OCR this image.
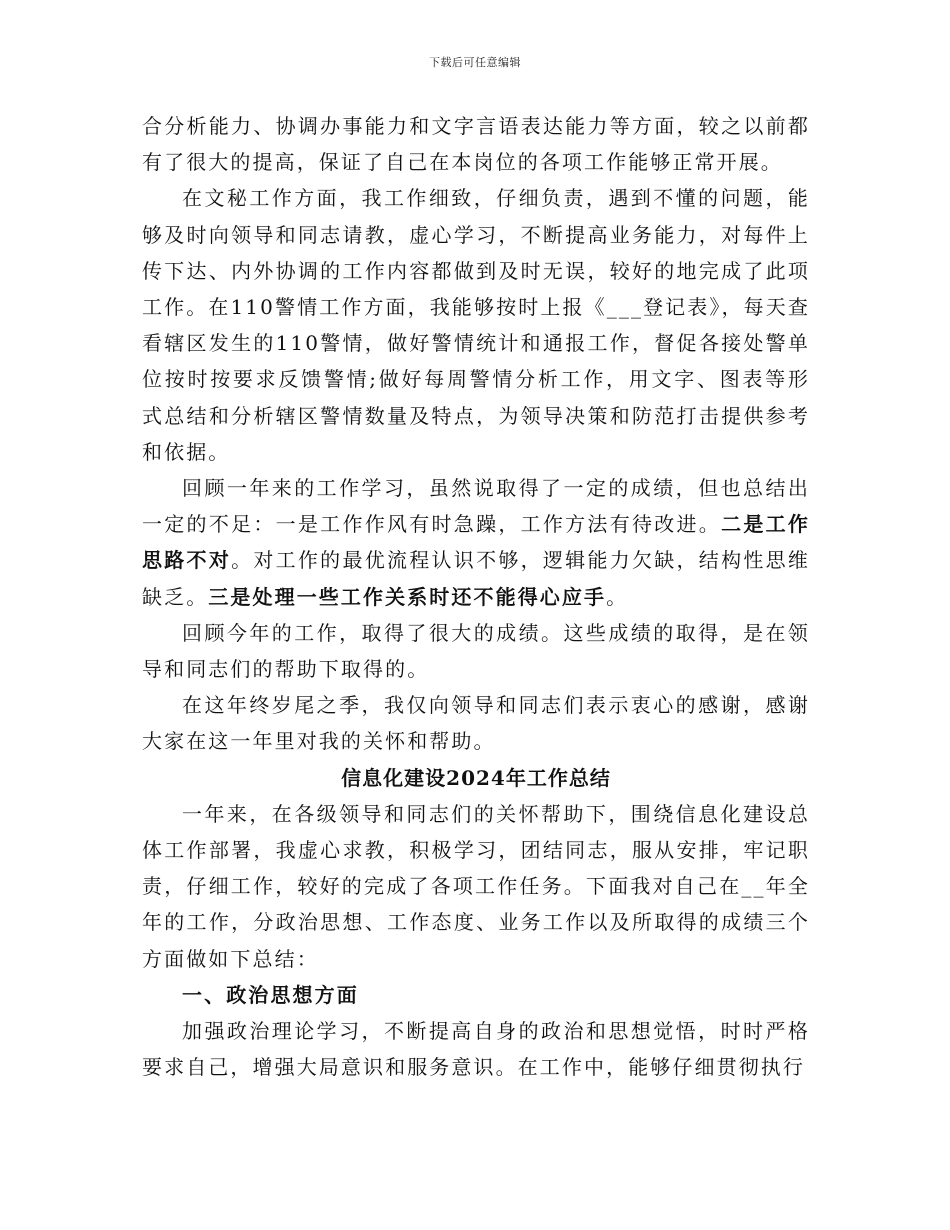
下载后可任意编辑

合分析能力、协调办事能力和文字言语表达能力等方面，较之以前都有了很大的提高，保证了自己在本岗位的各项工作能够正常开展。

在文秘工作方面，我工作细致，仔细负责，遇到不懂的问题，能够及时向领导和同志请教，虚心学习，不断提高业务能力，对每件上传下达、内外协调的工作内容都做到及时无误，较好的地完成了此项工作。在110警情工作方面，我能够按时上报《___登记表》，每天查看辖区发生的110警情，做好警情统计和通报工作，督促各接处警单位按时按要求反馈警情;做好每周警情分析工作，用文字、图表等形式总结和分析辖区警情数量及特点，为领导决策和防范打击提供参考和依据。

回顾一年来的工作学习，虽然说取得了一定的成绩，但也总结出一定的不足：一是工作作风有时急躁，工作方法有待改进。二是工作思路不对。对工作的最优流程认识不够，逻辑能力欠缺，结构性思维缺乏。三是处理一些工作关系时还不能得心应手。

回顾今年的工作，取得了很大的成绩。这些成绩的取得，是在领导和同志们的帮助下取得的。

在这年终岁尾之季，我仅向领导和同志们表示衷心的感谢，感谢大家在这一年里对我的关怀和帮助。

信息化建设2024年工作总结

一年来，在各级领导和同志们的关怀帮助下，围绕信息化建设总体工作部署，我虚心求教，积极学习，团结同志，服从安排，牢记职责，仔细工作，较好的完成了各项工作任务。下面我对自己在__年全年的工作，分政治思想、工作态度、业务工作以及所取得的成绩三个方面做如下总结：

一、政治思想方面

加强政治理论学习，不断提高自身的政治和思想觉悟，时时严格要求自己，增强大局意识和服务意识。在工作中，能够仔细贯彻执行
